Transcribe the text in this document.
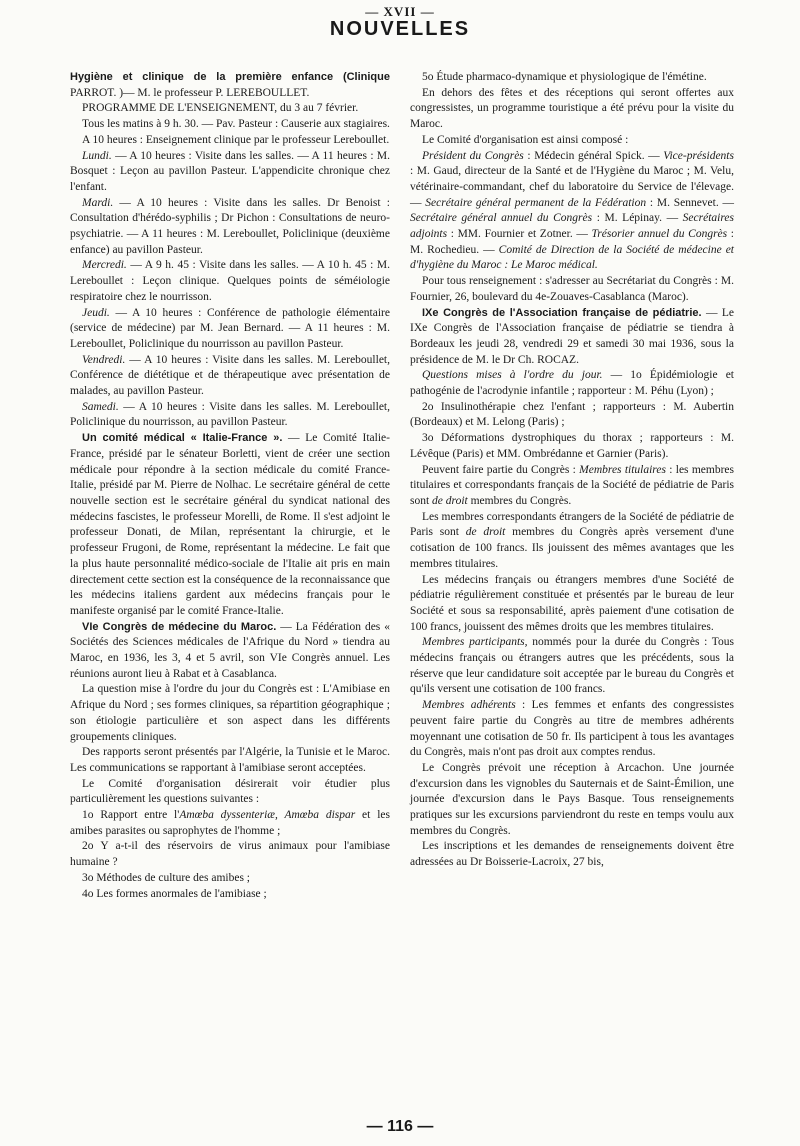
— XVII —
NOUVELLES

Hygiène et clinique de la première enfance (Clinique PARROT. )— M. le professeur P. LEREBOULLET.

PROGRAMME DE L'ENSEIGNEMENT, du 3 au 7 février.

Tous les matins à 9 h. 30. — Pav. Pasteur : Causerie aux stagiaires.

A 10 heures : Enseignement clinique par le professeur Lereboullet.

Lundi. — A 10 heures : Visite dans les salles. — A 11 heures : M. Bosquet : Leçon au pavillon Pasteur. L'appendicite chronique chez l'enfant.

Mardi. — A 10 heures : Visite dans les salles. Dr Benoist : Consultation d'hérédo-syphilis ; Dr Pichon : Consultations de neuro-psychiatrie. — A 11 heures : M. Lereboullet, Policlinique (deuxième enfance) au pavillon Pasteur.

Mercredi. — A 9 h. 45 : Visite dans les salles. — A 10 h. 45 : M. Lereboullet : Leçon clinique. Quelques points de séméiologie respiratoire chez le nourrisson.

Jeudi. — A 10 heures : Conférence de pathologie élémentaire (service de médecine) par M. Jean Bernard. — A 11 heures : M. Lereboullet, Policlinique du nourrisson au pavillon Pasteur.

Vendredi. — A 10 heures : Visite dans les salles. M. Lereboullet, Conférence de diététique et de thérapeutique avec présentation de malades, au pavillon Pasteur.

Samedi. — A 10 heures : Visite dans les salles. M. Lereboullet, Policlinique du nourrisson, au pavillon Pasteur.

Un comité médical « Italie-France ». — Le Comité Italie-France, présidé par le sénateur Borletti, vient de créer une section médicale pour répondre à la section médicale du comité France-Italie, présidé par M. Pierre de Nolhac. Le secrétaire général de cette nouvelle section est le secrétaire général du syndicat national des médecins fascistes, le professeur Morelli, de Rome. Il s'est adjoint le professeur Donati, de Milan, représentant la chirurgie, et le professeur Frugoni, de Rome, représentant la médecine. Le fait que la plus haute personnalité médico-sociale de l'Italie ait pris en main directement cette section est la conséquence de la reconnaissance que les médecins italiens gardent aux médecins français pour le manifeste organisé par le comité France-Italie.

VIe Congrès de médecine du Maroc. — La Fédération des « Sociétés des Sciences médicales de l'Afrique du Nord » tiendra au Maroc, en 1936, les 3, 4 et 5 avril, son VIe Congrès annuel. Les réunions auront lieu à Rabat et à Casablanca.

La question mise à l'ordre du jour du Congrès est : L'Amibiase en Afrique du Nord ; ses formes cliniques, sa répartition géographique ; son étiologie particulière et son aspect dans les différents groupements cliniques.

Des rapports seront présentés par l'Algérie, la Tunisie et le Maroc. Les communications se rapportant à l'amibiase seront acceptées.

Le Comité d'organisation désirerait voir étudier plus particulièrement les questions suivantes :

1o Rapport entre l'Amœba dyssenteriæ, Amœba dispar et les amibes parasites ou saprophytes de l'homme ;

2o Y a-t-il des réservoirs de virus animaux pour l'amibiase humaine ?

3o Méthodes de culture des amibes ;

4o Les formes anormales de l'amibiase ;

5o Étude pharmaco-dynamique et physiologique de l'émétine.

En dehors des fêtes et des réceptions qui seront offertes aux congressistes, un programme touristique a été prévu pour la visite du Maroc.

Le Comité d'organisation est ainsi composé :

Président du Congrès : Médecin général Spick. — Vice-présidents : M. Gaud, directeur de la Santé et de l'Hygiène du Maroc ; M. Velu, vétérinaire-commandant, chef du laboratoire du Service de l'élevage. — Secrétaire général permanent de la Fédération : M. Sennevet. — Secrétaire général annuel du Congrès : M. Lépinay. — Secrétaires adjoints : MM. Fournier et Zotner. — Trésorier annuel du Congrès : M. Rochedieu. — Comité de Direction de la Société de médecine et d'hygiène du Maroc : Le Maroc médical.

Pour tous renseignement : s'adresser au Secrétariat du Congrès : M. Fournier, 26, boulevard du 4e-Zouaves-Casablanca (Maroc).

IXe Congrès de l'Association française de pédiatrie. — Le IXe Congrès de l'Association française de pédiatrie se tiendra à Bordeaux les jeudi 28, vendredi 29 et samedi 30 mai 1936, sous la présidence de M. le Dr Ch. ROCAZ.

Questions mises à l'ordre du jour. — 1o Épidémiologie et pathogénie de l'acrodynie infantile ; rapporteur : M. Péhu (Lyon) ;

2o Insulinothérapie chez l'enfant ; rapporteurs : M. Aubertin (Bordeaux) et M. Lelong (Paris) ;

3o Déformations dystrophiques du thorax ; rapporteurs : M. Lévêque (Paris) et MM. Ombrédanne et Garnier (Paris).

Peuvent faire partie du Congrès : Membres titulaires : les membres titulaires et correspondants français de la Société de pédiatrie de Paris sont de droit membres du Congrès.

Les membres correspondants étrangers de la Société de pédiatrie de Paris sont de droit membres du Congrès après versement d'une cotisation de 100 francs. Ils jouissent des mêmes avantages que les membres titulaires.

Les médecins français ou étrangers membres d'une Société de pédiatrie régulièrement constituée et présentés par le bureau de leur Société et sous sa responsabilité, après paiement d'une cotisation de 100 francs, jouissent des mêmes droits que les membres titulaires.

Membres participants, nommés pour la durée du Congrès : Tous médecins français ou étrangers autres que les précédents, sous la réserve que leur candidature soit acceptée par le bureau du Congrès et qu'ils versent une cotisation de 100 francs.

Membres adhérents : Les femmes et enfants des congressistes peuvent faire partie du Congrès au titre de membres adhérents moyennant une cotisation de 50 fr. Ils participent à tous les avantages du Congrès, mais n'ont pas droit aux comptes rendus.

Le Congrès prévoit une réception à Arcachon. Une journée d'excursion dans les vignobles du Sauternais et de Saint-Émilion, une journée d'excursion dans le Pays Basque. Tous renseignements pratiques sur les excursions parviendront du reste en temps voulu aux membres du Congrès.

Les inscriptions et les demandes de renseignements doivent être adressées au Dr Boisserie-Lacroix, 27 bis,

— 116 —
